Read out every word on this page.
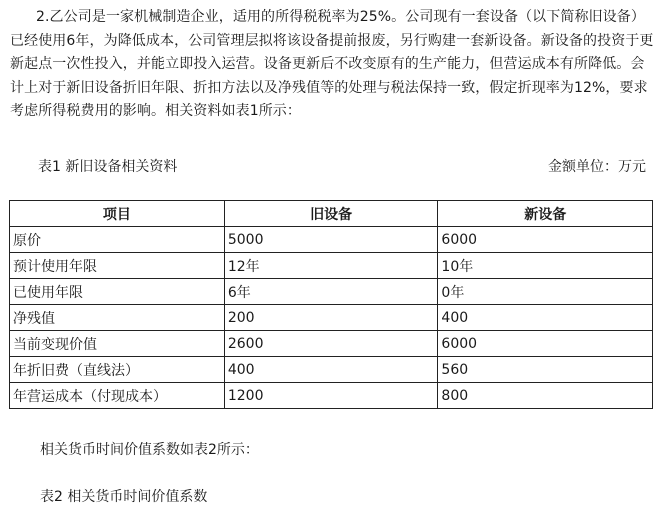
2.乙公司是一家机械制造企业，适用的所得税税率为25%。公司现有一套设备（以下简称旧设备）已经使用6年，为降低成本，公司管理层拟将该设备提前报废，另行购建一套新设备。新设备的投资于更新起点一次性投入，并能立即投入运营。设备更新后不改变原有的生产能力，但营运成本有所降低。会计上对于新旧设备折旧年限、折扣方法以及净残值等的处理与税法保持一致，假定折现率为12%，要求考虑所得税费用的影响。相关资料如表1所示：
表1 新旧设备相关资料	金额单位：万元
项目	旧设备	新设备
原价	5000	6000
预计使用年限	12年	10年
已使用年限	6年	0年
净残值	200	400
当前变现价值	2600	6000
年折旧费（直线法）	400	560
年营运成本（付现成本）	1200	800
相关货币时间价值系数如表2所示：
表2 相关货币时间价值系数
